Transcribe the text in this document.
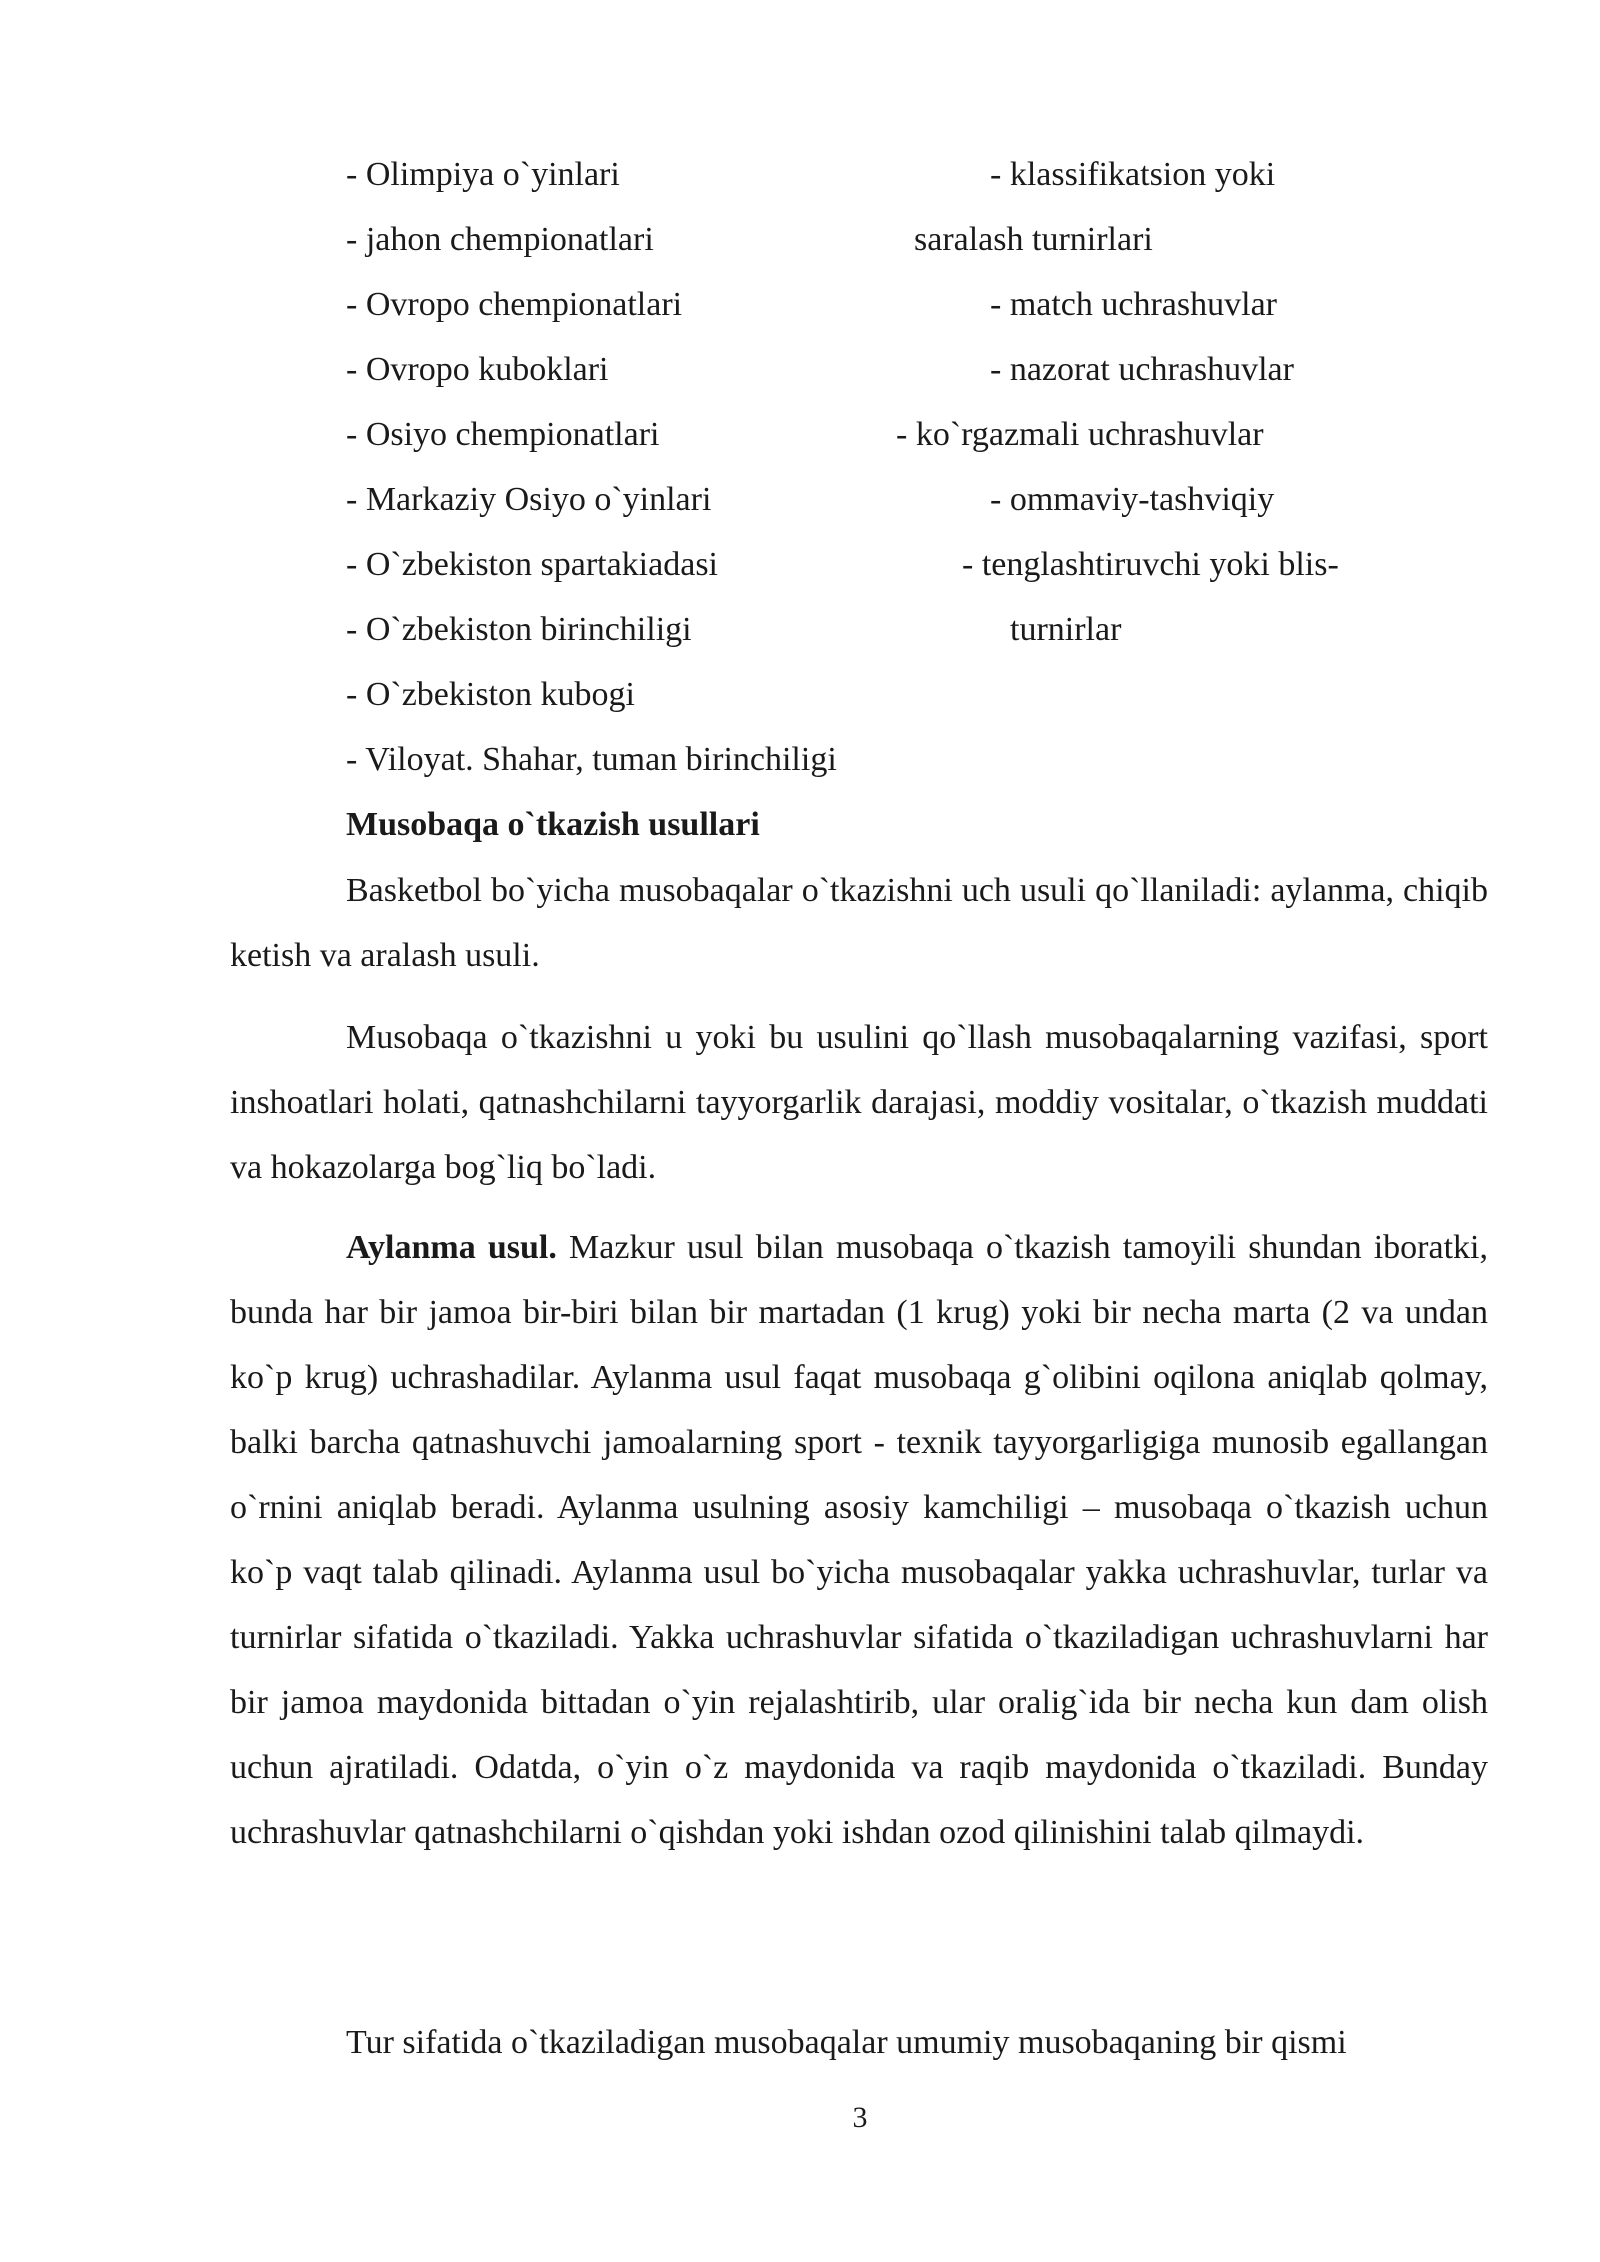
- Olimpiya o`yinlari
- jahon chempionatlari
- Ovropo chempionatlari
- Ovropo kuboklari
- Osiyo chempionatlari
- Markaziy Osiyo o`yinlari
- O`zbekiston spartakiadasi
- O`zbekiston birinchiligi
- O`zbekiston kubogi
- Viloyat. Shahar, tuman birinchiligi
- klassifikatsion yoki
saralash turnirlari
- match uchrashuvlar
- nazorat uchrashuvlar
- ko`rgazmali uchrashuvlar
- ommaviy-tashviqiy
- tenglashtiruvchi yoki blis-
turnirlar
Musobaqa o`tkazish usullari

Basketbol bo`yicha musobaqalar o`tkazishni uch usuli qo`llaniladi: aylanma, chiqib ketish va aralash usuli.

Musobaqa o`tkazishni u yoki bu usulini qo`llash musobaqalarning vazifasi, sport inshoatlari holati, qatnashchilarni tayyorgarlik darajasi, moddiy vositalar, o`tkazish muddati va hokazolarga bog`liq bo`ladi.

Aylanma usul. Mazkur usul bilan musobaqa o`tkazish tamoyili shundan iboratki, bunda har bir jamoa bir-biri bilan bir martadan (1 krug) yoki bir necha marta (2 va undan ko`p krug) uchrashadilar. Aylanma usul faqat musobaqa g`olibini oqilona aniqlab qolmay, balki barcha qatnashuvchi jamoalarning sport - texnik tayyorgarligiga munosib egallangan o`rnini aniqlab beradi. Aylanma usulning asosiy kamchiligi – musobaqa o`tkazish uchun ko`p vaqt talab qilinadi. Aylanma usul bo`yicha musobaqalar yakka uchrashuvlar, turlar va turnirlar sifatida o`tkaziladi. Yakka uchrashuvlar sifatida o`tkaziladigan uchrashuvlarni har bir jamoa maydonida bittadan o`yin rejalashtirib, ular oralig`ida bir necha kun dam olish uchun ajratiladi. Odatda, o`yin o`z maydonida va raqib maydonida o`tkaziladi. Bunday uchrashuvlar qatnashchilarni o`qishdan yoki ishdan ozod qilinishini talab qilmaydi.

Tur sifatida o`tkaziladigan musobaqalar umumiy musobaqaning bir qismi

3
